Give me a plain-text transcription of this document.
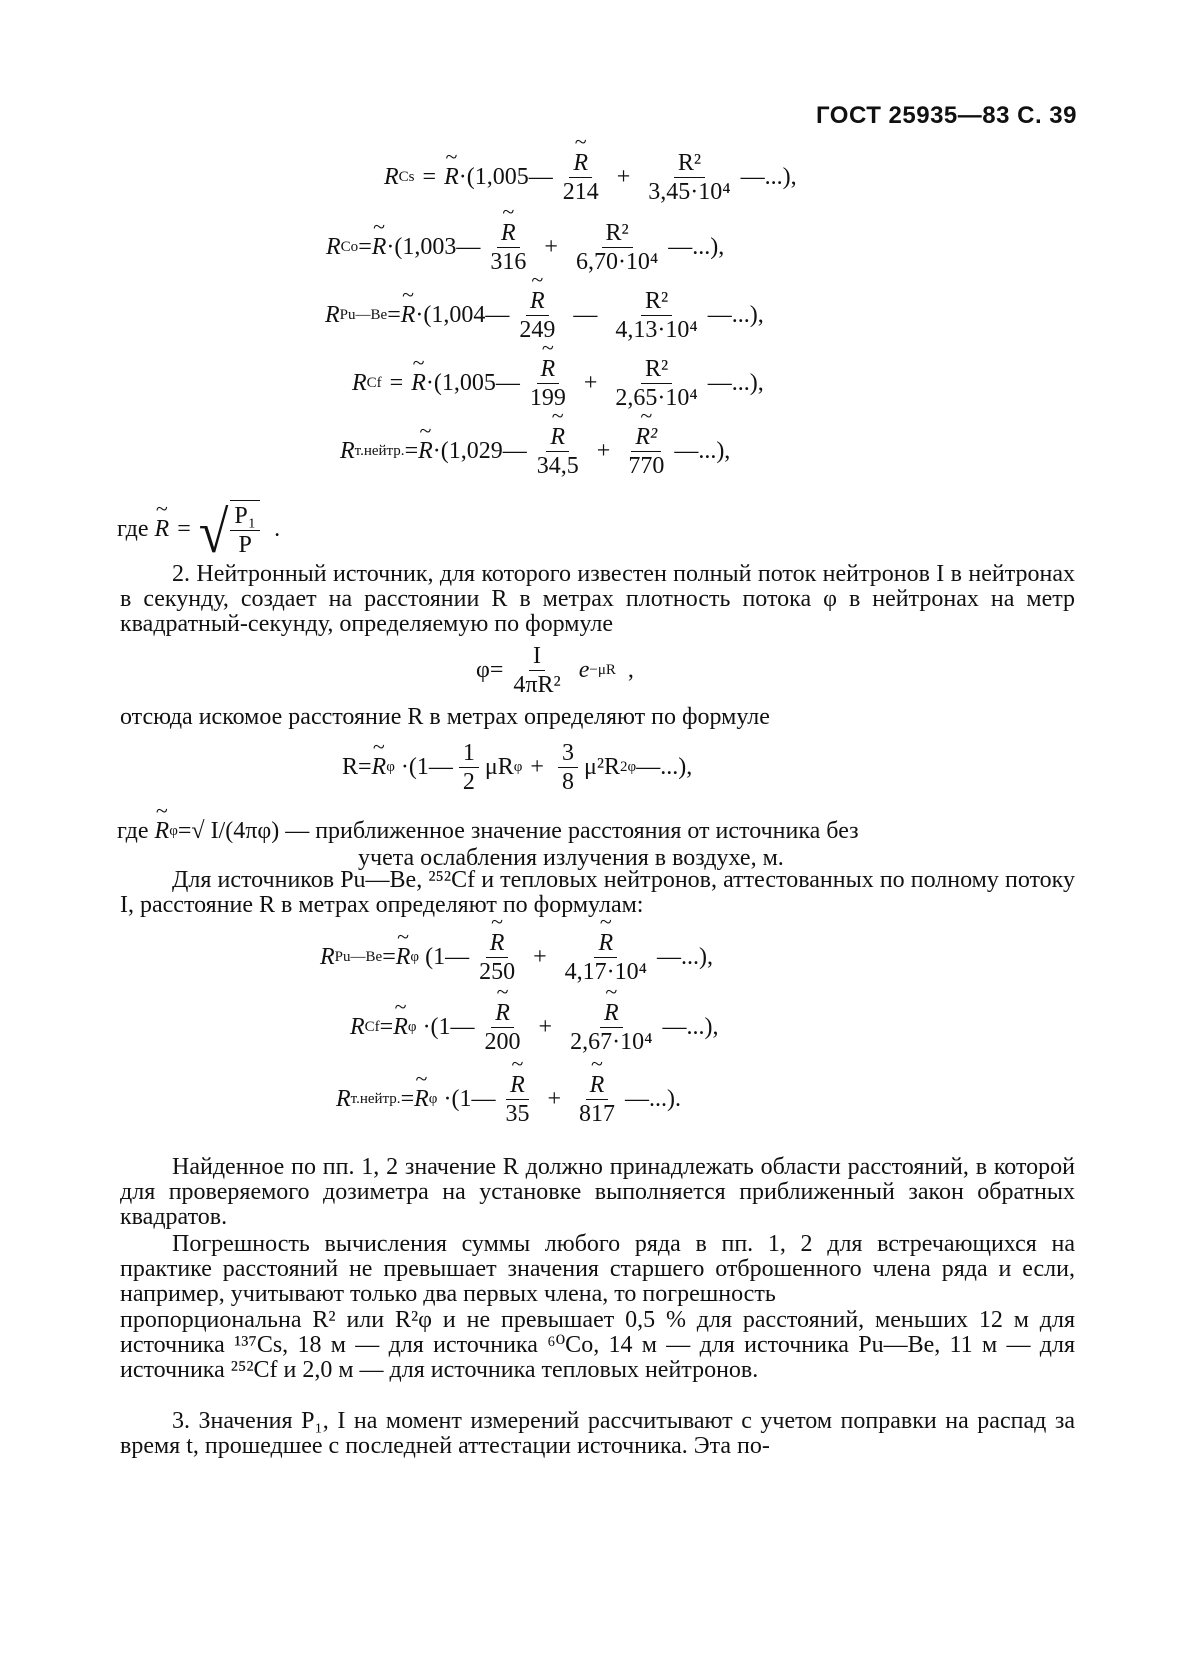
ГОСТ 25935—83 С. 39
R Cs = ~ R ·(1,005— ~ $\frac{R}{214} + \frac{\text{R²}}{\text{3,45·10⁴}}$ —...),
R Co = ~ R ·(1,003— ~ $\frac{R}{316} + \frac{\text{R²}}{\text{6,70·10⁴}}$ —...),
R Pu—Be = ~ R ·(1,004— ~ $\frac{R}{249}$ — $\frac{\text{R²}}{\text{4,13·10⁴}}$ —...),
R Cf = ~ R ·(1,005— ~ $\frac{R}{199} + \frac{\text{R²}}{\text{2,65·10⁴}}$ —...),
R т.нейтр. = ~ R ·(1,029— ~ $\frac{R}{34,5}$ + ~ $\frac{\text{R²}}{770}$ —...),
где
~ R = √ $\frac{\text{P₁}}{P}$ .
2. Нейтронный источник, для которого известен полный поток нейтронов I в нейтронах в секунду, создает на расстоянии R в метрах плотность потока φ в нейтронах на метр квадратный-секунду, определяемую по формуле
$\varphi= \frac{I}{\text{4πR²}}$ e −μR ,
отсюда искомое расстояние R в метрах определяют по формуле
R= ~ R φ ·(1— $\frac{1}{2}$ μR $\varphi + \frac{3}{8} \mu^2R$ 2 φ —...),
где
~ R φ =√ I/(4πφ)
— приближенное значение расстояния от источника без
учета ослабления излучения в воздухе, м.
Для источников Pu—Be, ²⁵²Cf и тепловых нейтронов, аттестованных по полному потоку I, расстояние R в метрах определяют по формулам:
R Pu—Be = ~ R φ (1— ~ $\frac{R}{250}$ + ~ $\frac{R}{\text{4,17·10⁴}}$ —...),
R Cf = ~ R φ ·(1— ~ $\frac{R}{200}$ + ~ $\frac{R}{\text{2,67·10⁴}}$ —...),
R т.нейтр. = ~ R φ ·(1— ~ $\frac{R}{35}$ + ~ $\frac{R}{817}$ —...).
Найденное по пп. 1, 2 значение R должно принадлежать области расстояний, в которой для проверяемого дозиметра на установке выполняется приближенный закон обратных квадратов.
Погрешность вычисления суммы любого ряда в пп. 1, 2 для встречающихся на практике расстояний не превышает значения старшего отброшенного члена ряда и если, например, учитывают только два первых члена, то погрешность
пропорциональна R² или R²φ и не превышает 0,5 % для расстояний, меньших 12 м для источника ¹³⁷Cs, 18 м — для источника ⁶⁰Co, 14 м — для источника Pu—Be, 11 м — для источника ²⁵²Cf и 2,0 м — для источника тепловых нейтронов.
3. Значения P₁, I на момент измерений рассчитывают с учетом поправки на распад за время t, прошедшее с последней аттестации источника. Эта по-
